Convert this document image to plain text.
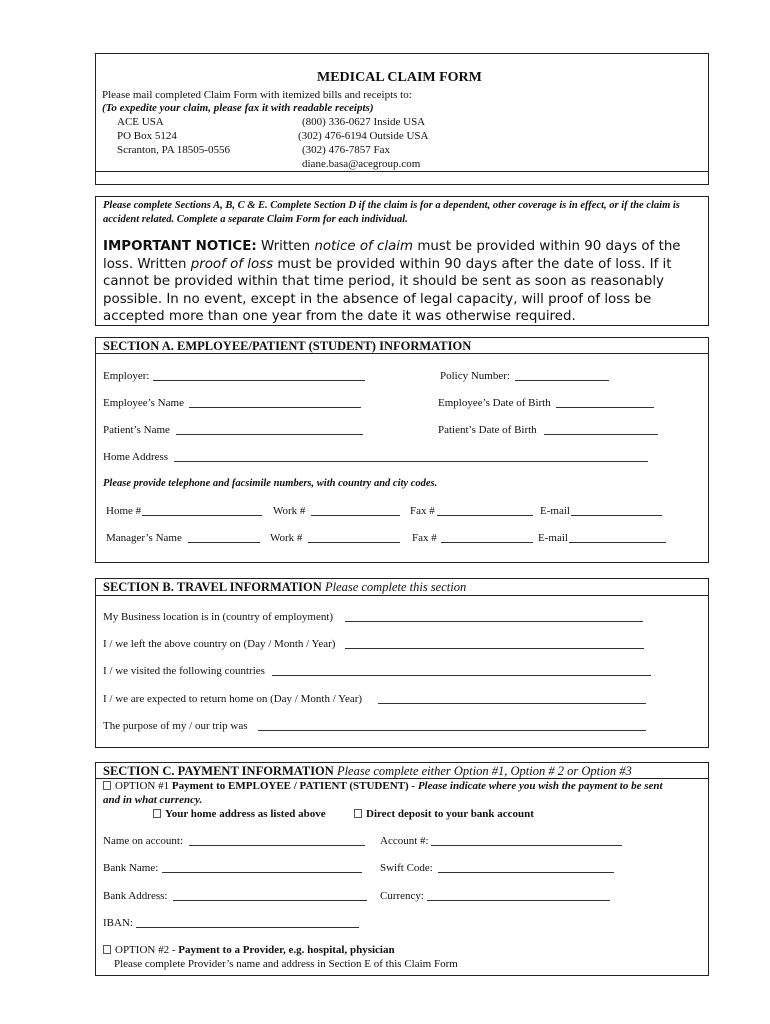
MEDICAL CLAIM FORM
Please mail completed Claim Form with itemized bills and receipts to:
(To expedite your claim, please fax it with readable receipts)
ACE USA
PO Box 5124
Scranton, PA 18505-0556
(800) 336-0627 Inside USA
(302) 476-6194 Outside USA
(302) 476-7857 Fax
diane.basa@acegroup.com
Please complete Sections A, B, C & E. Complete Section D if the claim is for a dependent, other coverage is in effect, or if the claim is accident related. Complete a separate Claim Form for each individual.
IMPORTANT NOTICE: Written notice of claim must be provided within 90 days of the loss. Written proof of loss must be provided within 90 days after the date of loss. If it cannot be provided within that time period, it should be sent as soon as reasonably possible. In no event, except in the absence of legal capacity, will proof of loss be accepted more than one year from the date it was otherwise required.
SECTION A. EMPLOYEE/PATIENT (STUDENT) INFORMATION
Employer:	Policy Number:
Employee’s Name	Employee’s Date of Birth
Patient’s Name	Patient’s Date of Birth
Home Address
Please provide telephone and facsimile numbers, with country and city codes.
Home #	Work #	Fax #	E-mail
Manager’s Name	Work #	Fax #	E-mail
SECTION B. TRAVEL INFORMATION Please complete this section
My Business location is in (country of employment)
I / we left the above country on (Day / Month / Year)
I / we visited the following countries
I / we are expected to return home on (Day / Month / Year)
The purpose of my / our trip was
SECTION C. PAYMENT INFORMATION Please complete either Option #1, Option # 2 or Option #3
OPTION #1 Payment to EMPLOYEE / PATIENT (STUDENT) - Please indicate where you wish the payment to be sent
and in what currency.
Your home address as listed above	Direct deposit to your bank account
Name on account:	Account #:
Bank Name:	Swift Code:
Bank Address:	Currency:
IBAN:
OPTION #2 - Payment to a Provider, e.g. hospital, physician
Please complete Provider’s name and address in Section E of this Claim Form
